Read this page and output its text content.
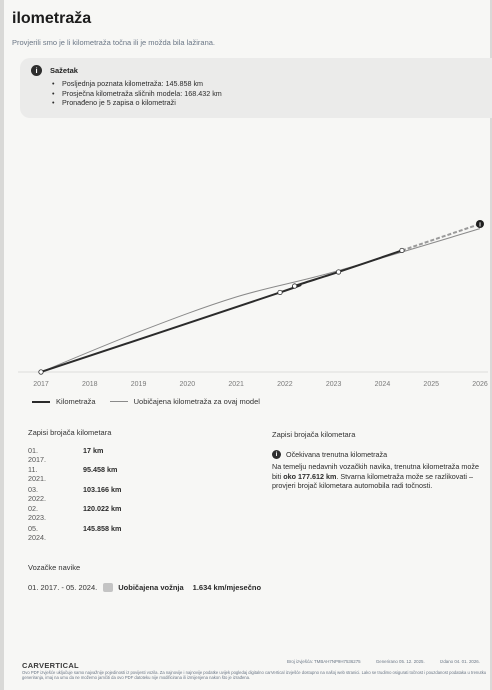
ilometraža
Provjerili smo je li kilometraža točna ili je možda bila lažirana.
i	Sažetak
• Posljednja poznata kilometraža: 145.858 km
• Prosječna kilometraža sličnih modela: 168.432 km
• Pronađeno je 5 zapisa o kilometraži
i
2017	2018	2019	2020	2021	2022	2023	2024	2025	2026
Kilometraža	Uobičajena kilometraža za ovaj model
Zapisi brojača kilometara
01. 2017.
17 km
11. 2021.
95.458 km
03. 2022.
103.166 km
02. 2023.
120.022 km
05. 2024.
145.858 km
Zapisi brojača kilometara
i	Očekivana trenutna kilometraža
Na temelju nedavnih vozačkih navika, trenutna kilometraža može biti oko 177.612 km. Stvarna kilometraža može se razlikovati – provjeri brojač kilometara automobila radi točnosti.
Vozačke navike
01. 2017. - 05. 2024.	Uobičajena vožnja 1.634 km/mjesečno
CARVERTICAL	Broj izvješća: TMBAH7NP9H7536275	Generirano 05. 12. 2025.	Izdano 04. 01. 2026.
Ovo PDF izvješće uključuje samo najvažnije pojedinosti iz povijesti vozila. Za najnovije i najnovije podatke uvijek pogledaj digitalno carVertical izvješće dostupno na našoj web stranici. Lako se trudimo osigurati točnost i pouzdanost podataka u trenutku generiranja, imaj na umu da ne možemo jamčiti da ovo PDF datoteku nije modificirana ili izmijenjena nakon što je izrađena.
